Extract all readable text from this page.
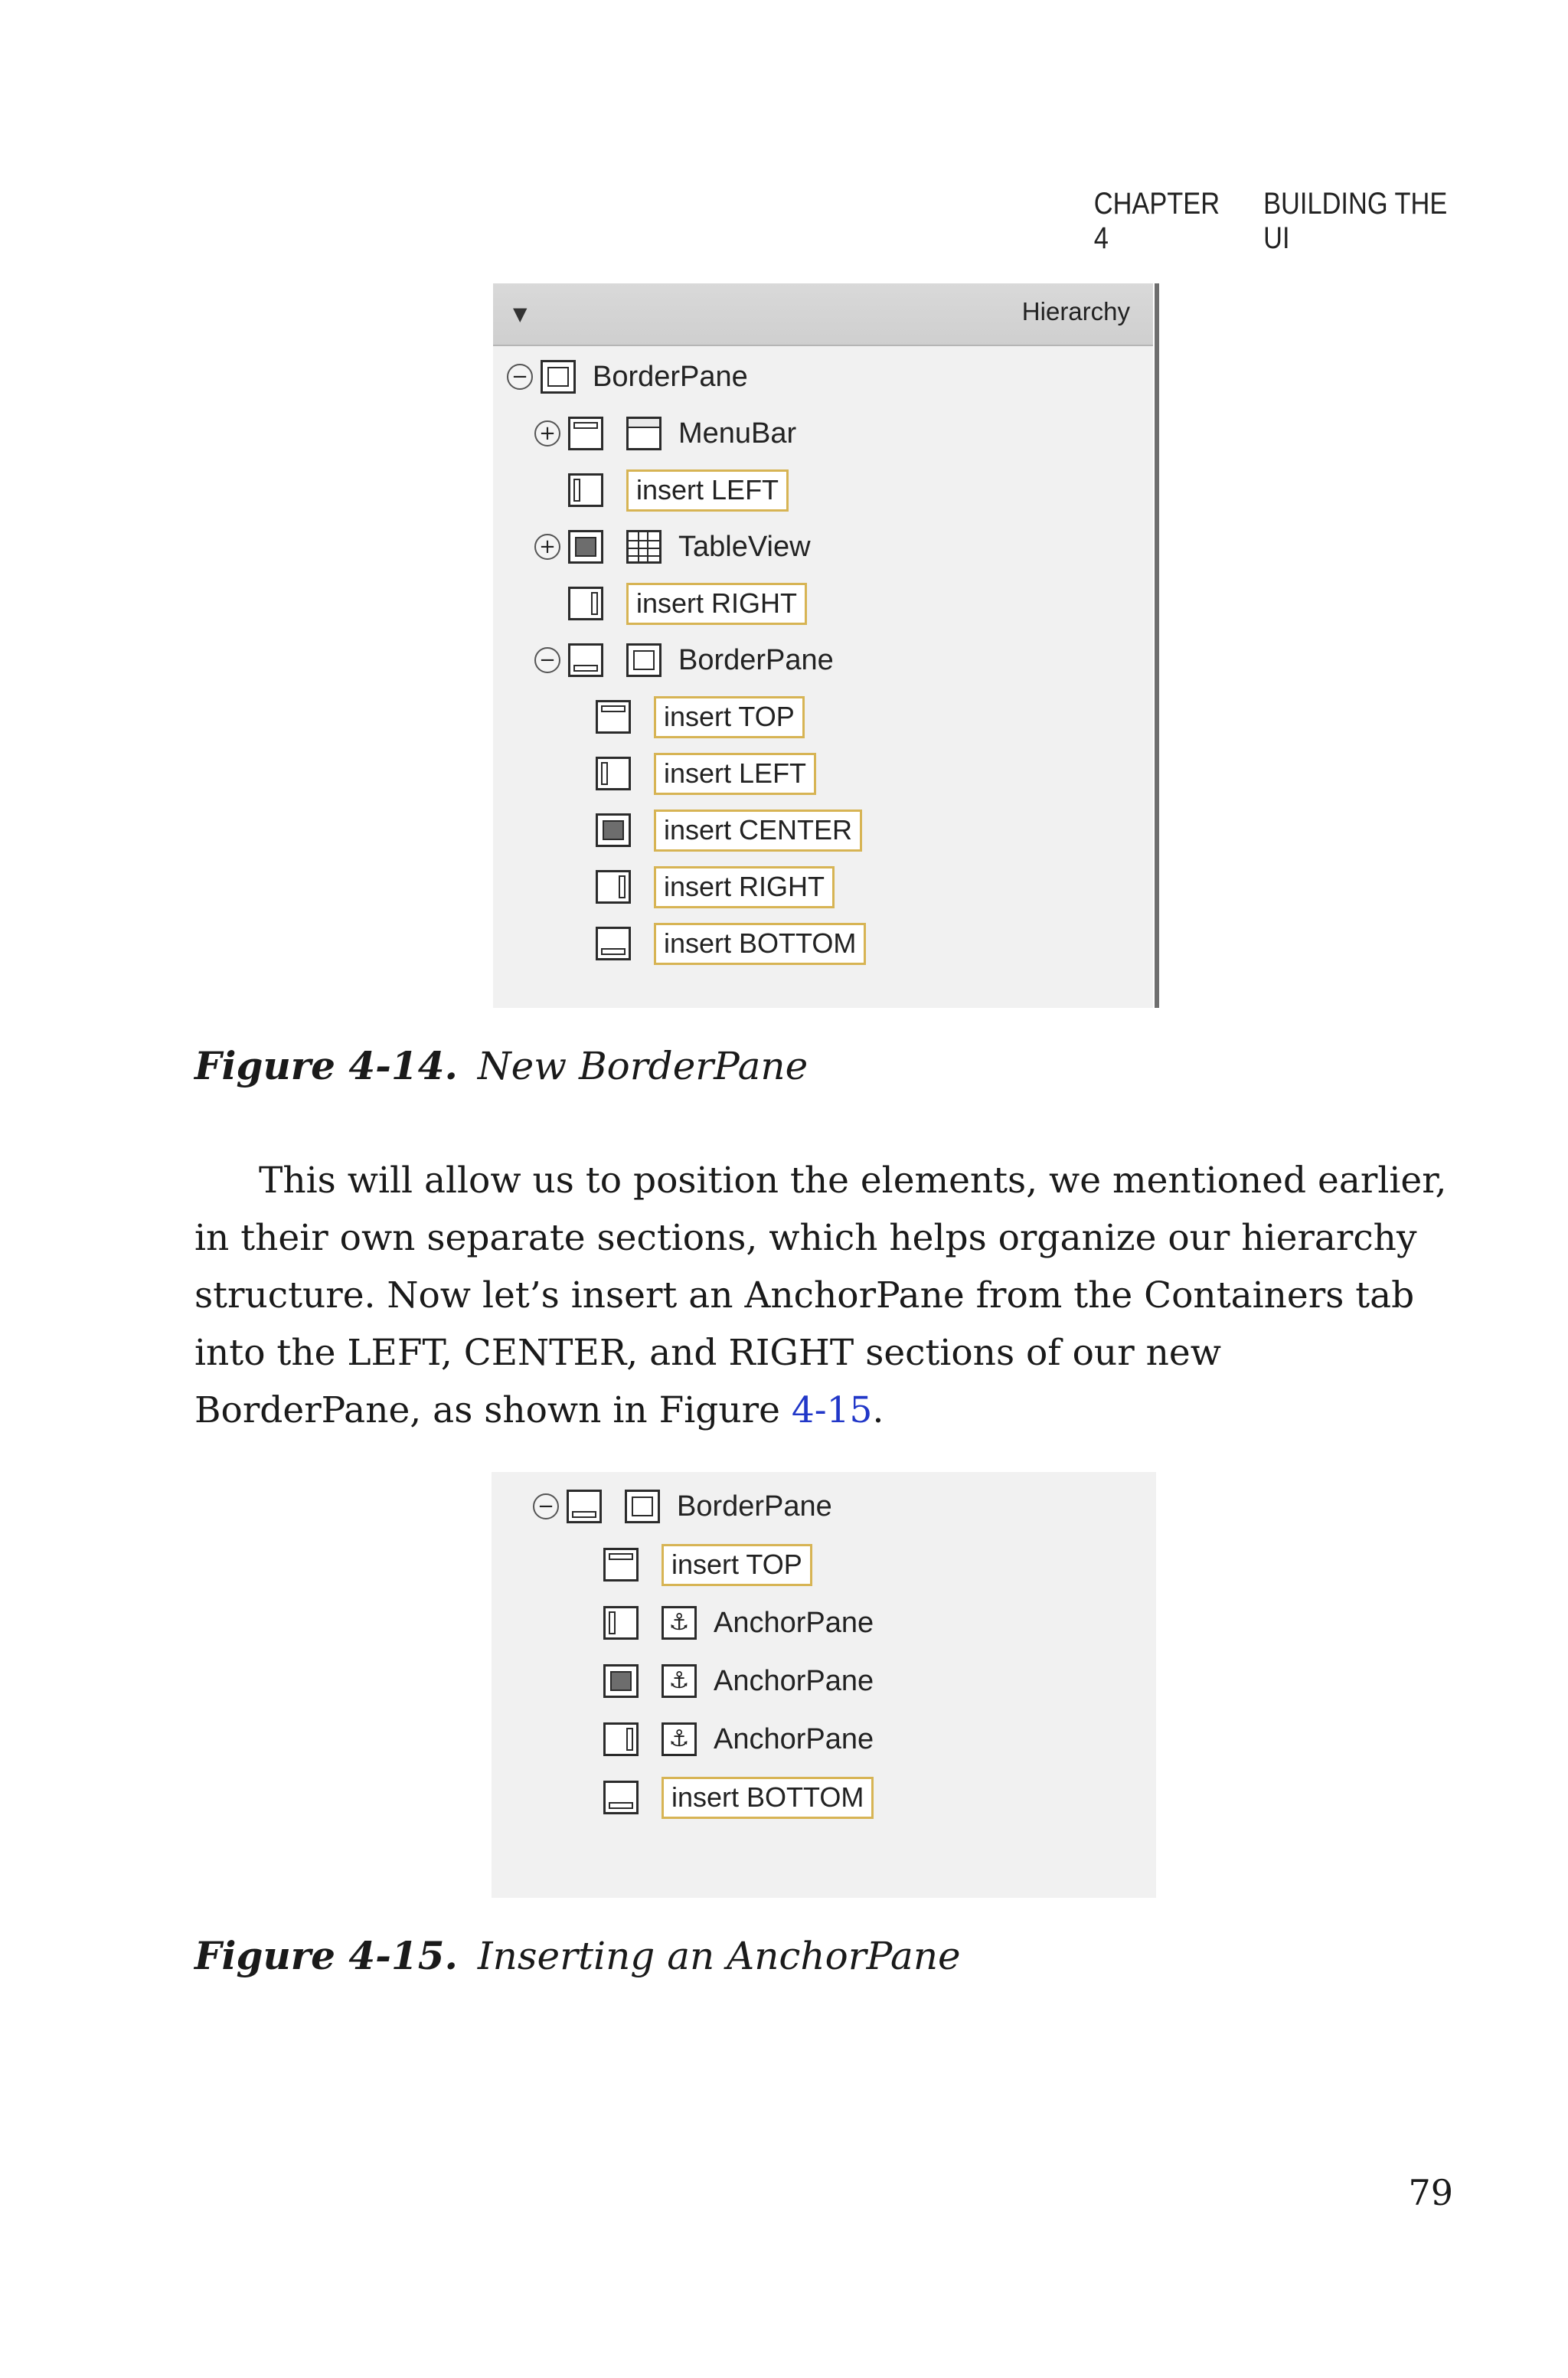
CHAPTER 4
BUILDING THE UI
▼	Hierarchy
− BorderPane
+	MenuBar
insert LEFT
+	TableView
insert RIGHT
−	BorderPane
insert TOP
insert LEFT
insert CENTER
insert RIGHT
insert BOTTOM
Figure 4-14. New BorderPane
This will allow us to position the elements, we mentioned earlier, in their own separate sections, which helps organize our hierarchy structure. Now let’s insert an AnchorPane from the Containers tab into the LEFT, CENTER, and RIGHT sections of our new BorderPane, as shown in Figure 4-15.
−	BorderPane
insert TOP
⚓ AnchorPane
⚓ AnchorPane
⚓ AnchorPane
insert BOTTOM
Figure 4-15. Inserting an AnchorPane
79
